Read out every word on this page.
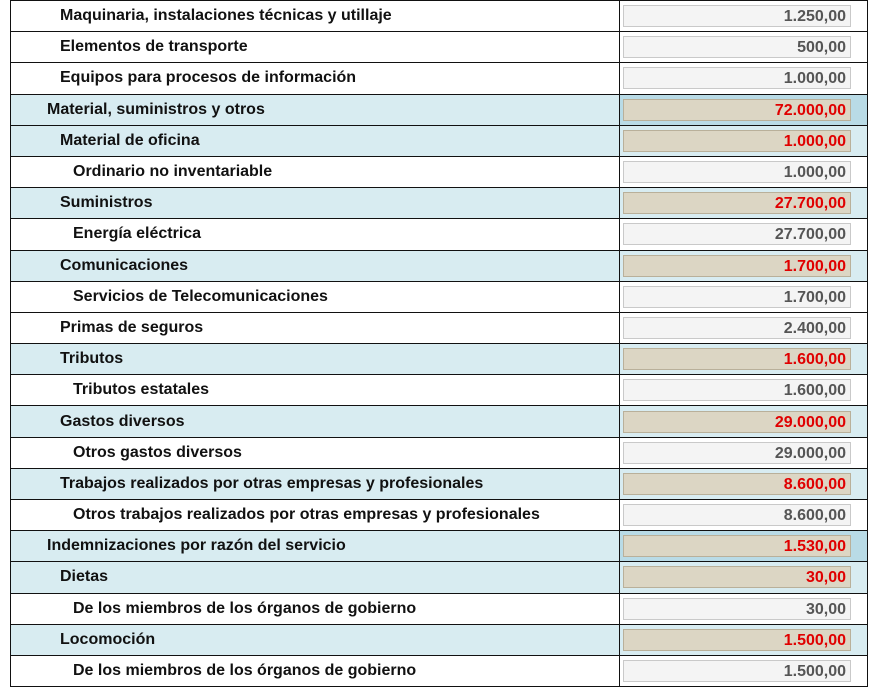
Maquinaria, instalaciones técnicas y utillaje	
1.250,00
Elementos de transporte	
500,00
Equipos para procesos de información	
1.000,00
Material, suministros y otros	
72.000,00
Material de oficina	
1.000,00
Ordinario no inventariable	
1.000,00
Suministros	
27.700,00
Energía eléctrica	
27.700,00
Comunicaciones	
1.700,00
Servicios de Telecomunicaciones	
1.700,00
Primas de seguros	
2.400,00
Tributos	
1.600,00
Tributos estatales	
1.600,00
Gastos diversos	
29.000,00
Otros gastos diversos	
29.000,00
Trabajos realizados por otras empresas y profesionales	
8.600,00
Otros trabajos realizados por otras empresas y profesionales	
8.600,00
Indemnizaciones por razón del servicio	
1.530,00
Dietas	
30,00
De los miembros de los órganos de gobierno	
30,00
Locomoción	
1.500,00
De los miembros de los órganos de gobierno	
1.500,00
